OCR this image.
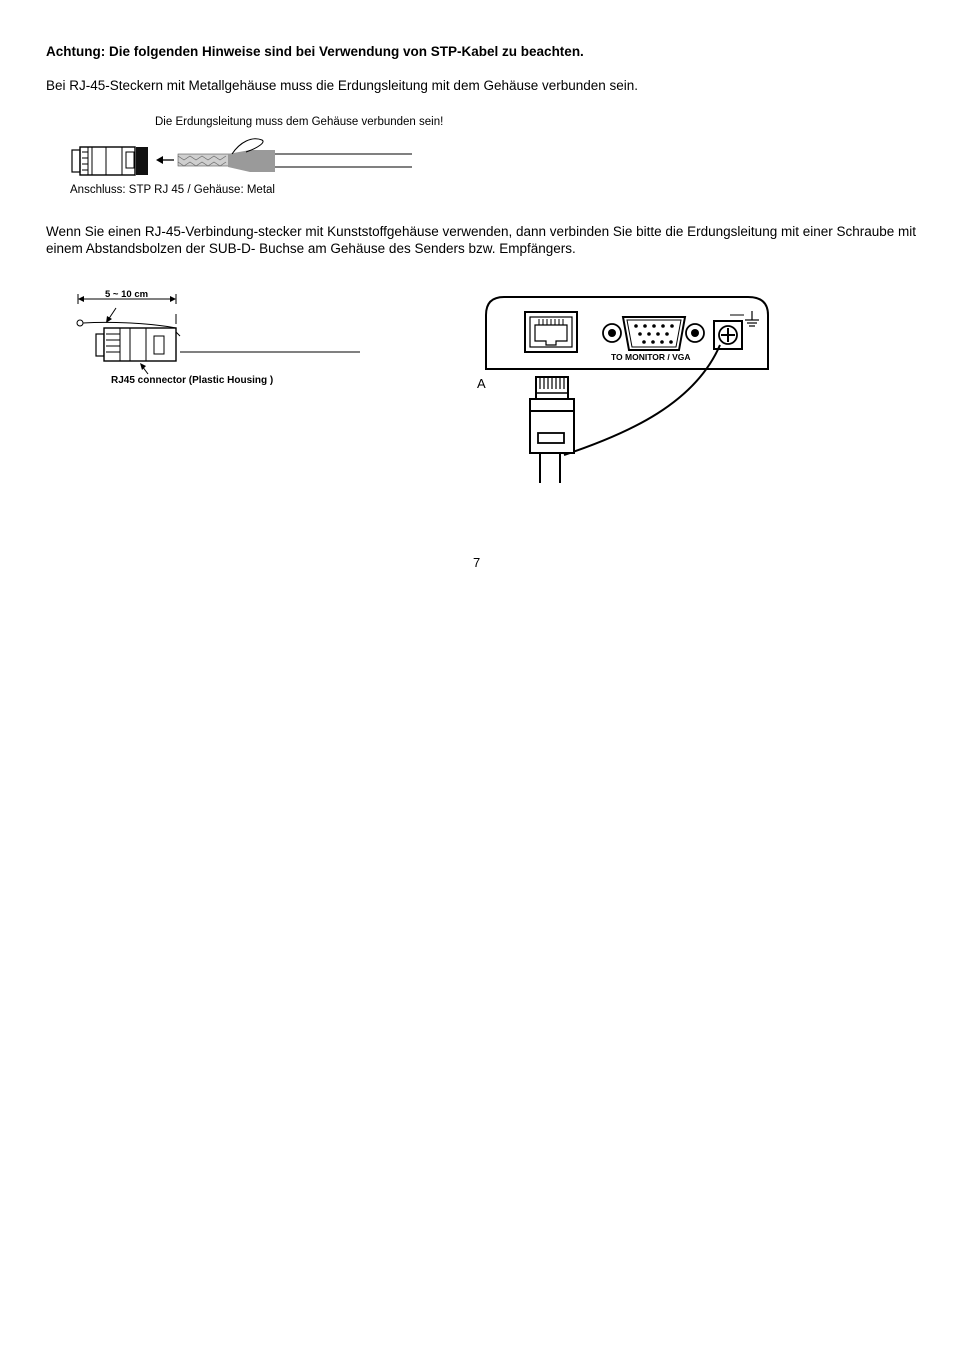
Achtung: Die folgenden Hinweise sind bei Verwendung von STP-Kabel zu beachten.
Bei RJ-45-Steckern mit Metallgehäuse muss die Erdungsleitung mit dem Gehäuse verbunden sein.
Die Erdungsleitung muss dem Gehäuse verbunden sein!
Anschluss: STP RJ 45 / Gehäuse: Metal
Wenn Sie einen RJ-45-Verbindung-stecker mit Kunststoffgehäuse verwenden, dann verbinden Sie bitte die Erdungsleitung mit einer Schraube mit
einem Abstandsbolzen der SUB-D- Buchse am Gehäuse des Senders bzw. Empfängers.
5 ~ 10 cm
RJ45 connector (Plastic Housing )
TO MONITOR / VGA
A
7
